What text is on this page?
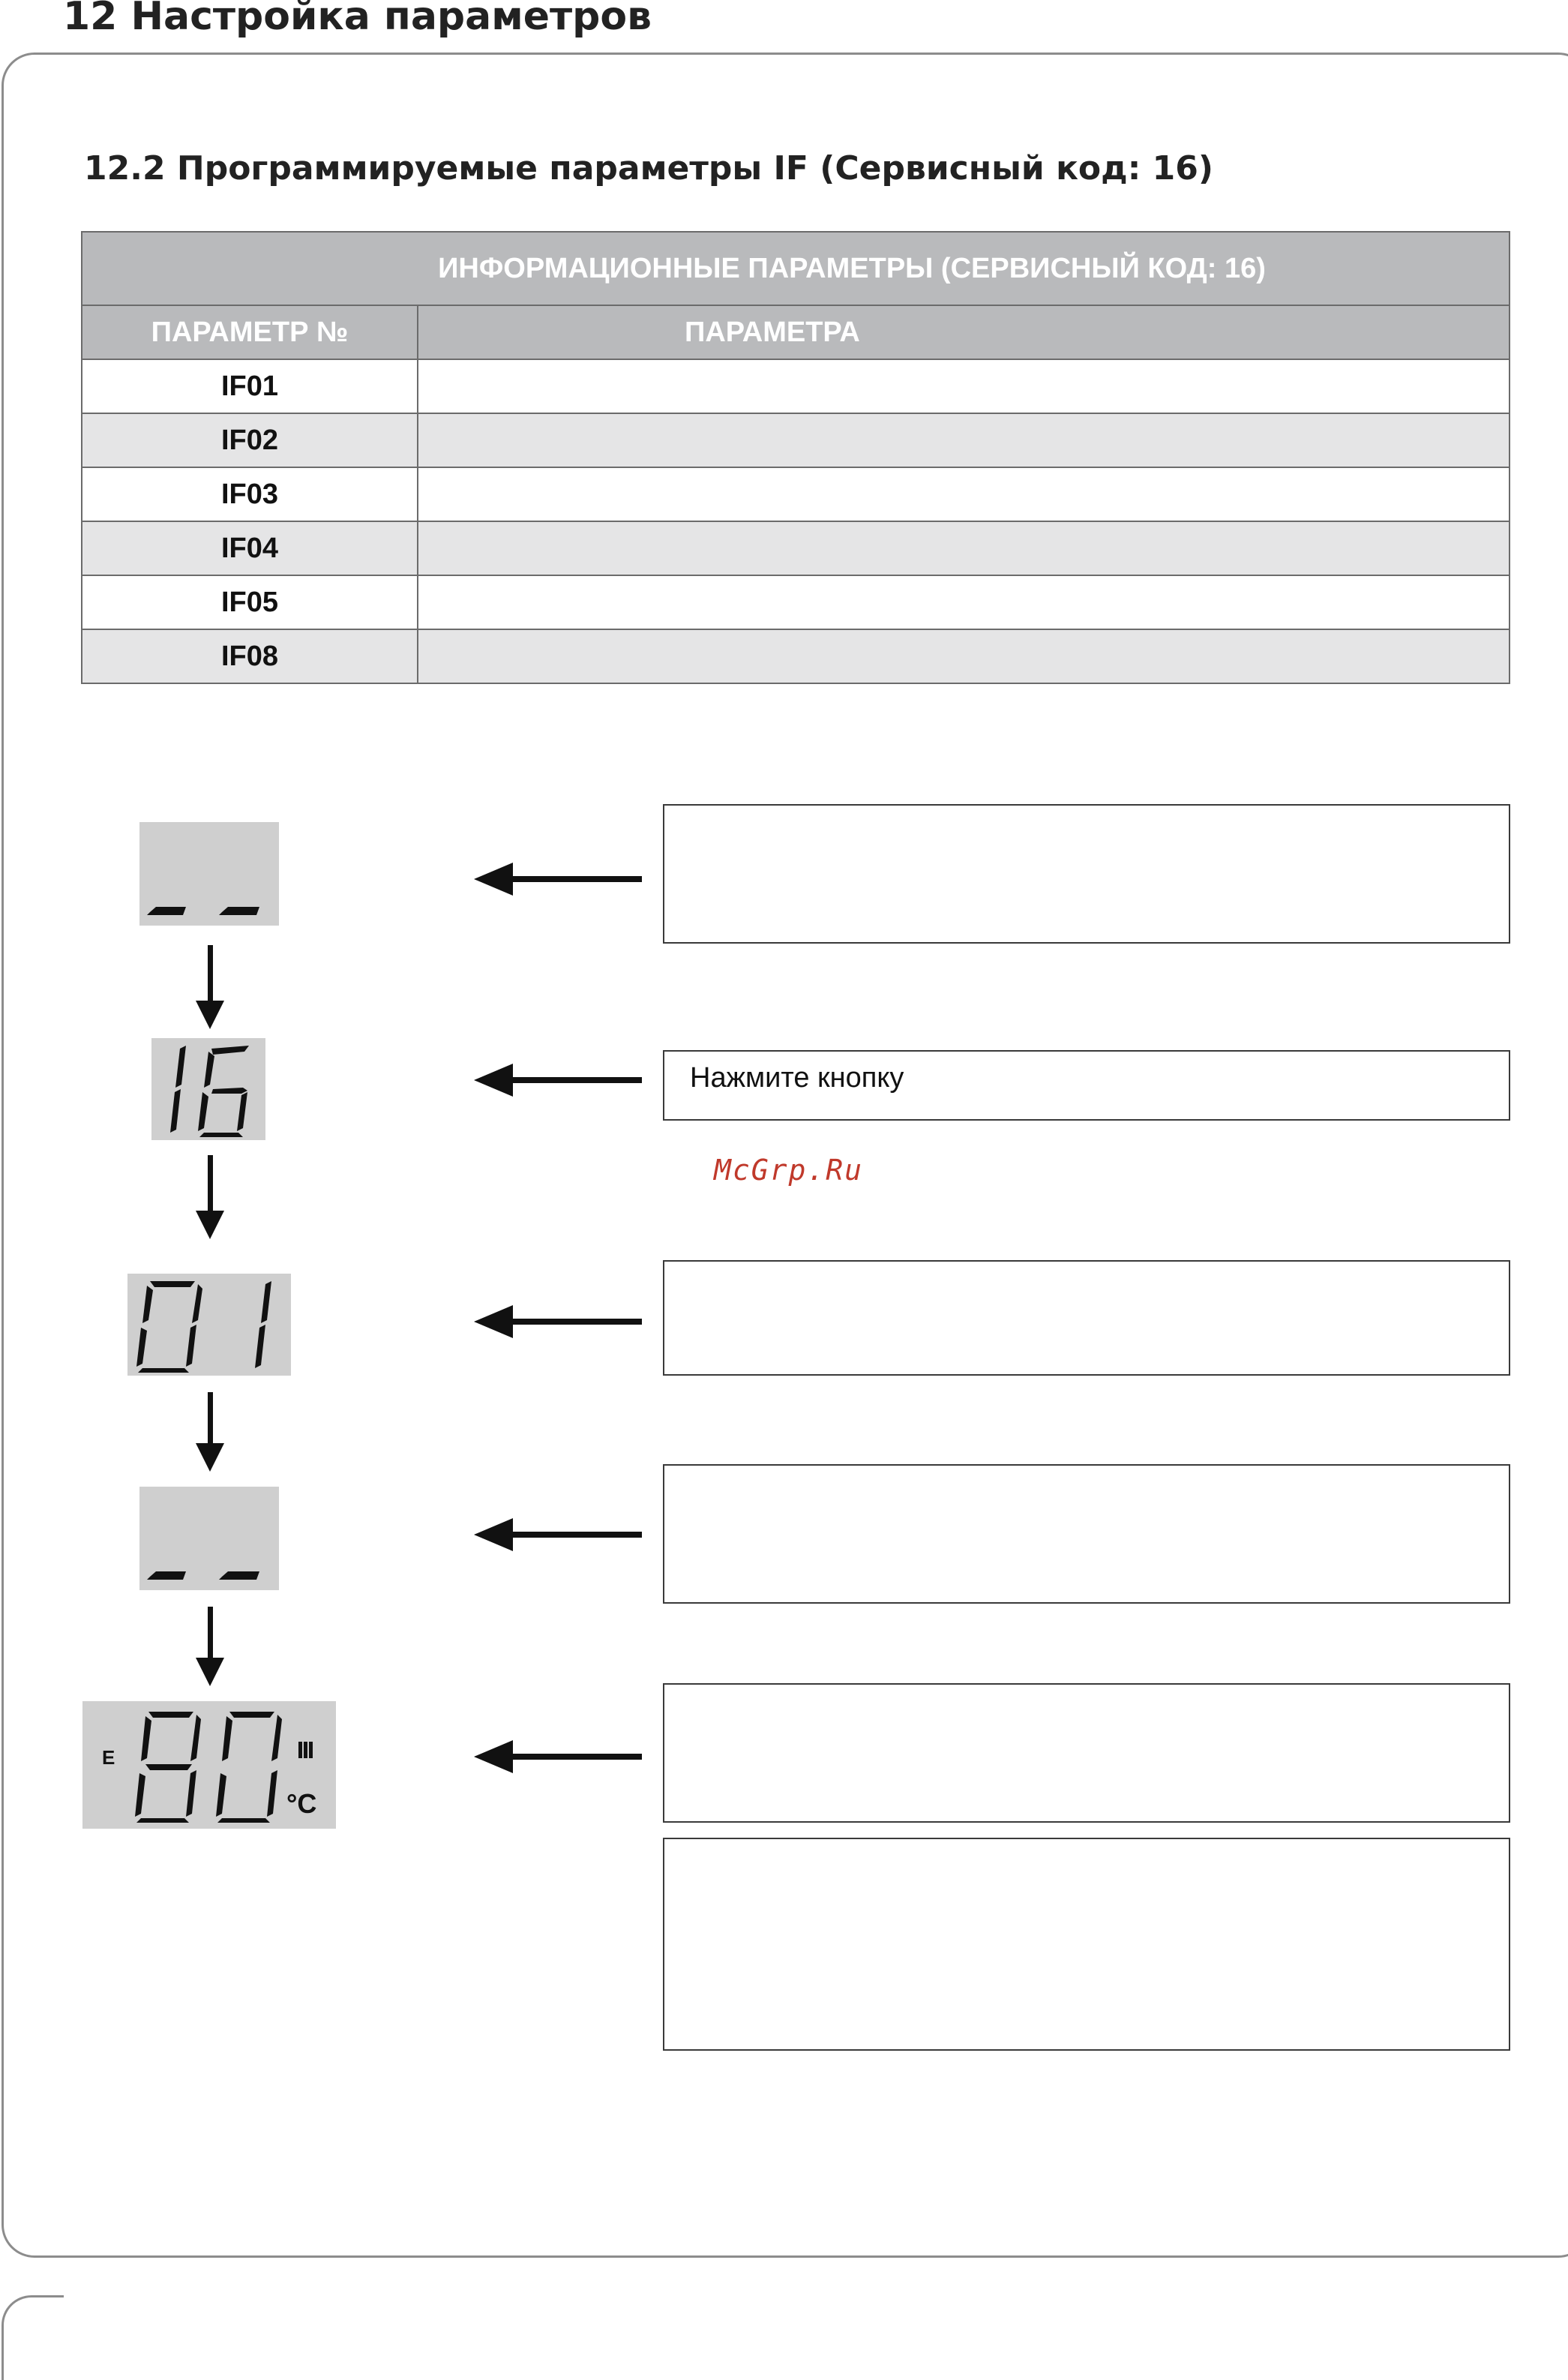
12 Настройка параметров
12.2 Программируемые параметры IF (Сервисный код: 16)
ИНФОРМАЦИОННЫЕ ПАРАМЕТРЫ (СЕРВИСНЫЙ КОД: 16)	
ПАРАМЕТР №	ПАРАМЕТРА
IF01	
IF02	
IF03	
IF04	
IF05	
IF08	
E
°C
Нажмите кнопку
McGrp.Ru
